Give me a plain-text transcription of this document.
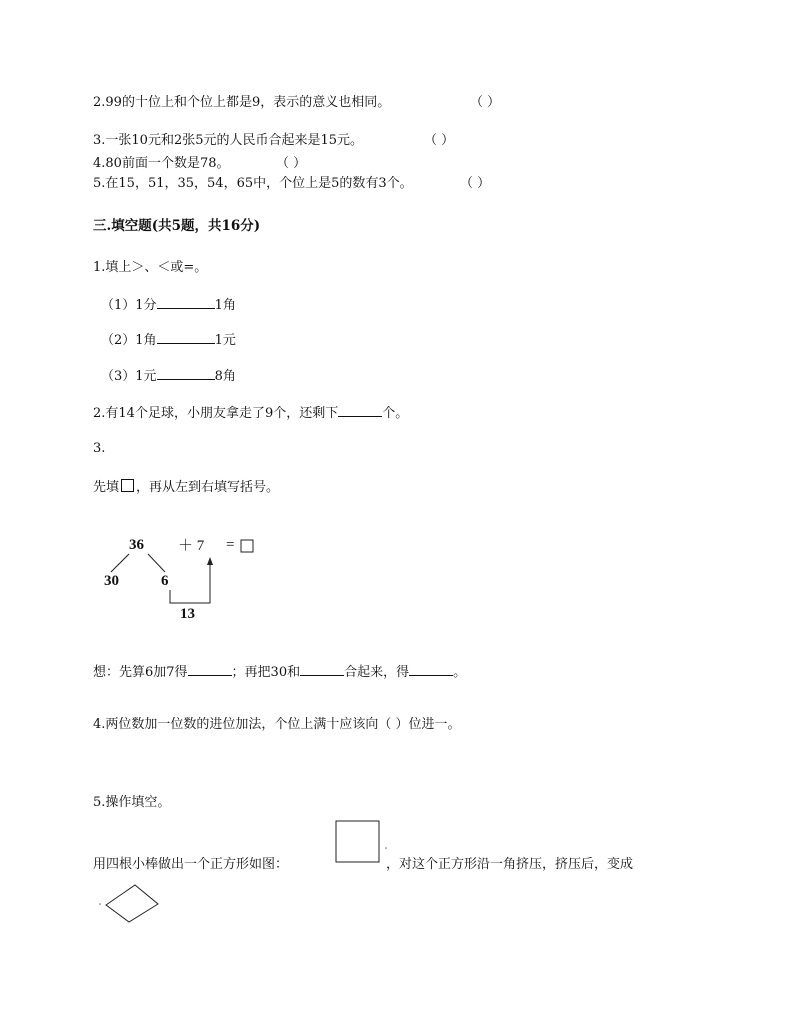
2.99的十位上和个位上都是9，表示的意义也相同。	（ ）
3.一张10元和2张5元的人民币合起来是15元。	（ ）
4.80前面一个数是78。	（ ）
5.在15，51，35，54，65中，个位上是5的数有3个。	（ ）
三.填空题(共5题，共16分)
1.填上＞、＜或=。
（1）1分	1角
（2）1角	1元
（3）1元	8角
2.有14个足球，小朋友拿走了9个，还剩下	个。
3.
先填 ，再从左到右填写括号。
36 ＋ 7 =
30	6
13
想：先算6加7得	；再把30和	合起来，得	。
4.两位数加一位数的进位加法，个位上满十应该向（ ）位进一。
5.操作填空。
用四根小棒做出一个正方形如图：	，对这个正方形沿一角挤压，挤压后，变成
